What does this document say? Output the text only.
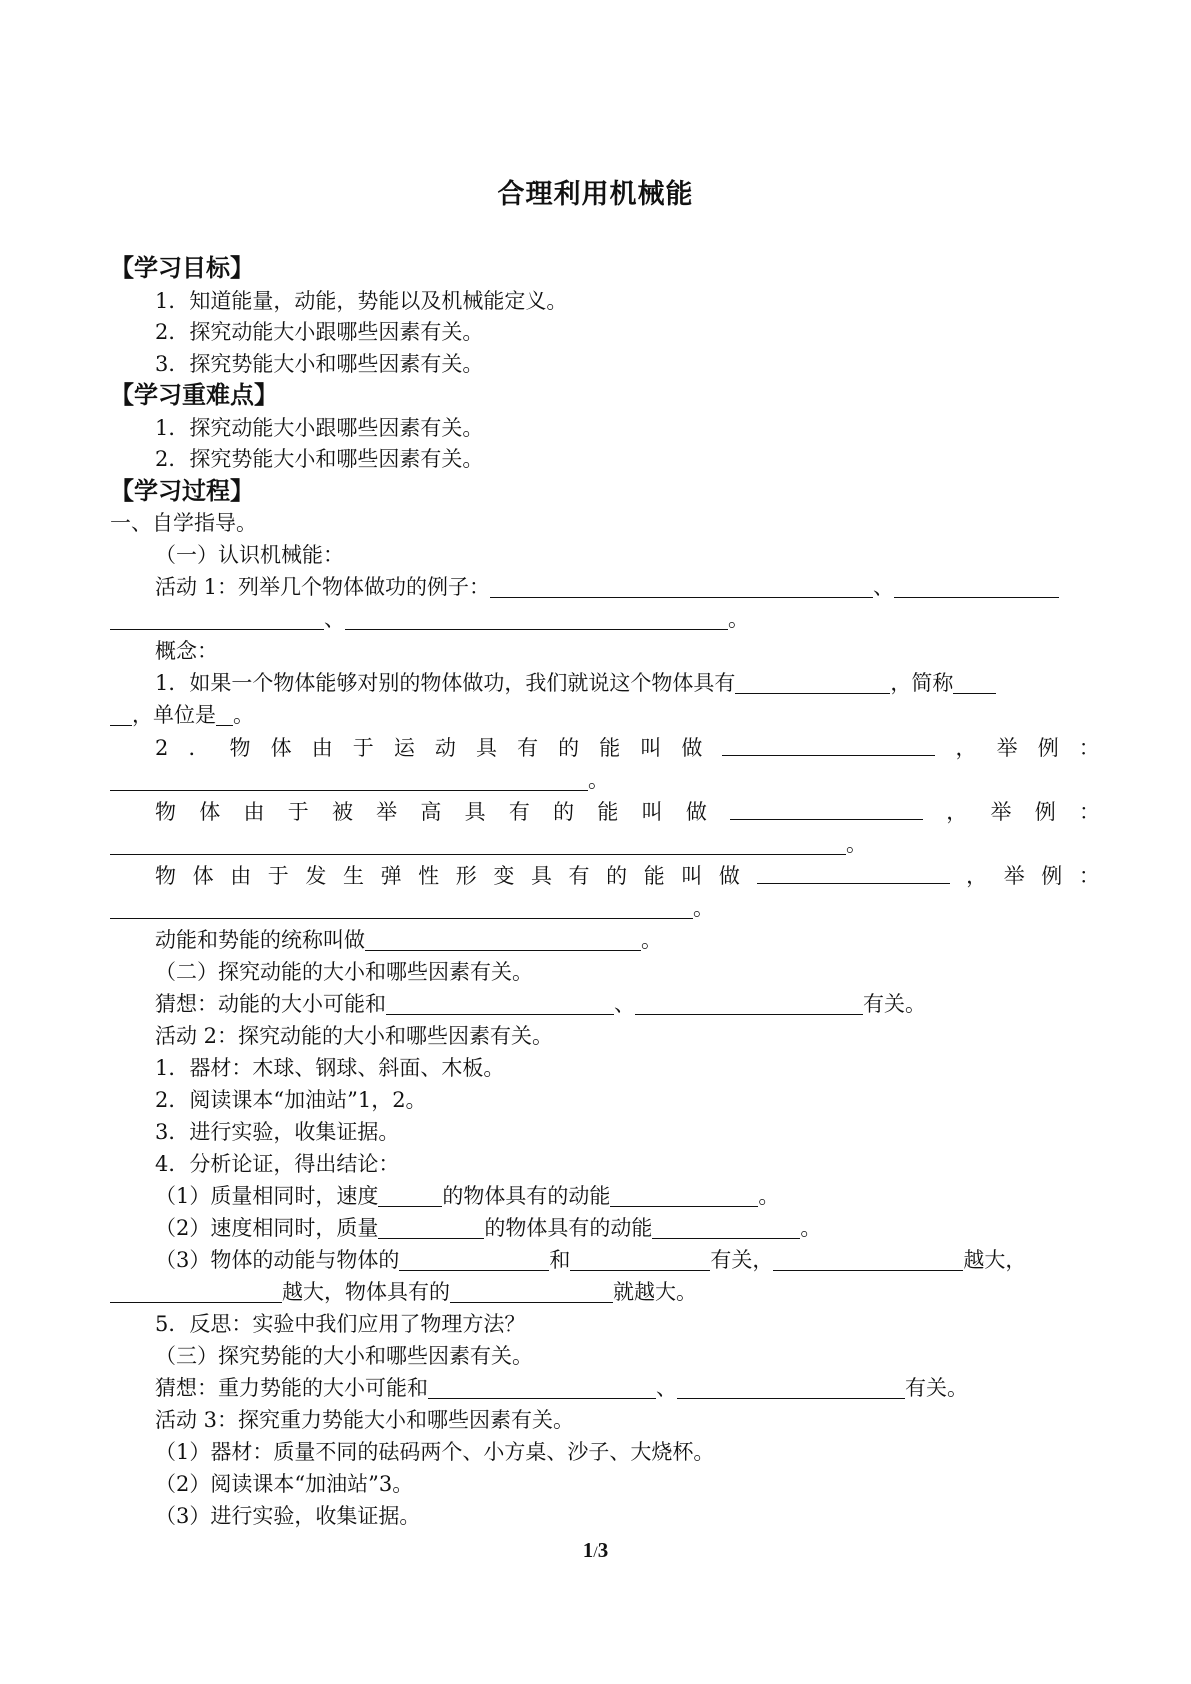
合理利用机械能
【学习目标】
1．知道能量，动能，势能以及机械能定义。
2．探究动能大小跟哪些因素有关。
3．探究势能大小和哪些因素有关。
【学习重难点】
1．探究动能大小跟哪些因素有关。
2．探究势能大小和哪些因素有关。
【学习过程】
一、自学指导。
（一）认识机械能：
活动 1：列举几个物体做功的例子：	、
、	。
概念：
1．如果一个物体能够对别的物体做功，我们就说这个物体具有	，简称
，单位是 。
2 ． 物 体 由 于 运 动 具 有 的 能 叫 做	， 举 例 ：
。
物 体 由 于 被 举 高 具 有 的 能 叫 做	， 举 例 ：
。
物 体 由 于 发 生 弹 性 形 变 具 有 的 能 叫 做	， 举 例 ：
。
动能和势能的统称叫做	。
（二）探究动能的大小和哪些因素有关。
猜想：动能的大小可能和	、	有关。
活动 2：探究动能的大小和哪些因素有关。
1．器材：木球、钢球、斜面、木板。
2．阅读课本“加油站”1，2。
3．进行实验，收集证据。
4．分析论证，得出结论：
（1）质量相同时，速度	的物体具有的动能	。
（2）速度相同时，质量	的物体具有的动能	。
（3）物体的动能与物体的	和	有关，	越大，
越大，物体具有的	就越大。
5．反思：实验中我们应用了物理方法？
（三）探究势能的大小和哪些因素有关。
猜想：重力势能的大小可能和	、	有关。
活动 3：探究重力势能大小和哪些因素有关。
（1）器材：质量不同的砝码两个、小方桌、沙子、大烧杯。
（2）阅读课本“加油站”3。
（3）进行实验，收集证据。
1/3
